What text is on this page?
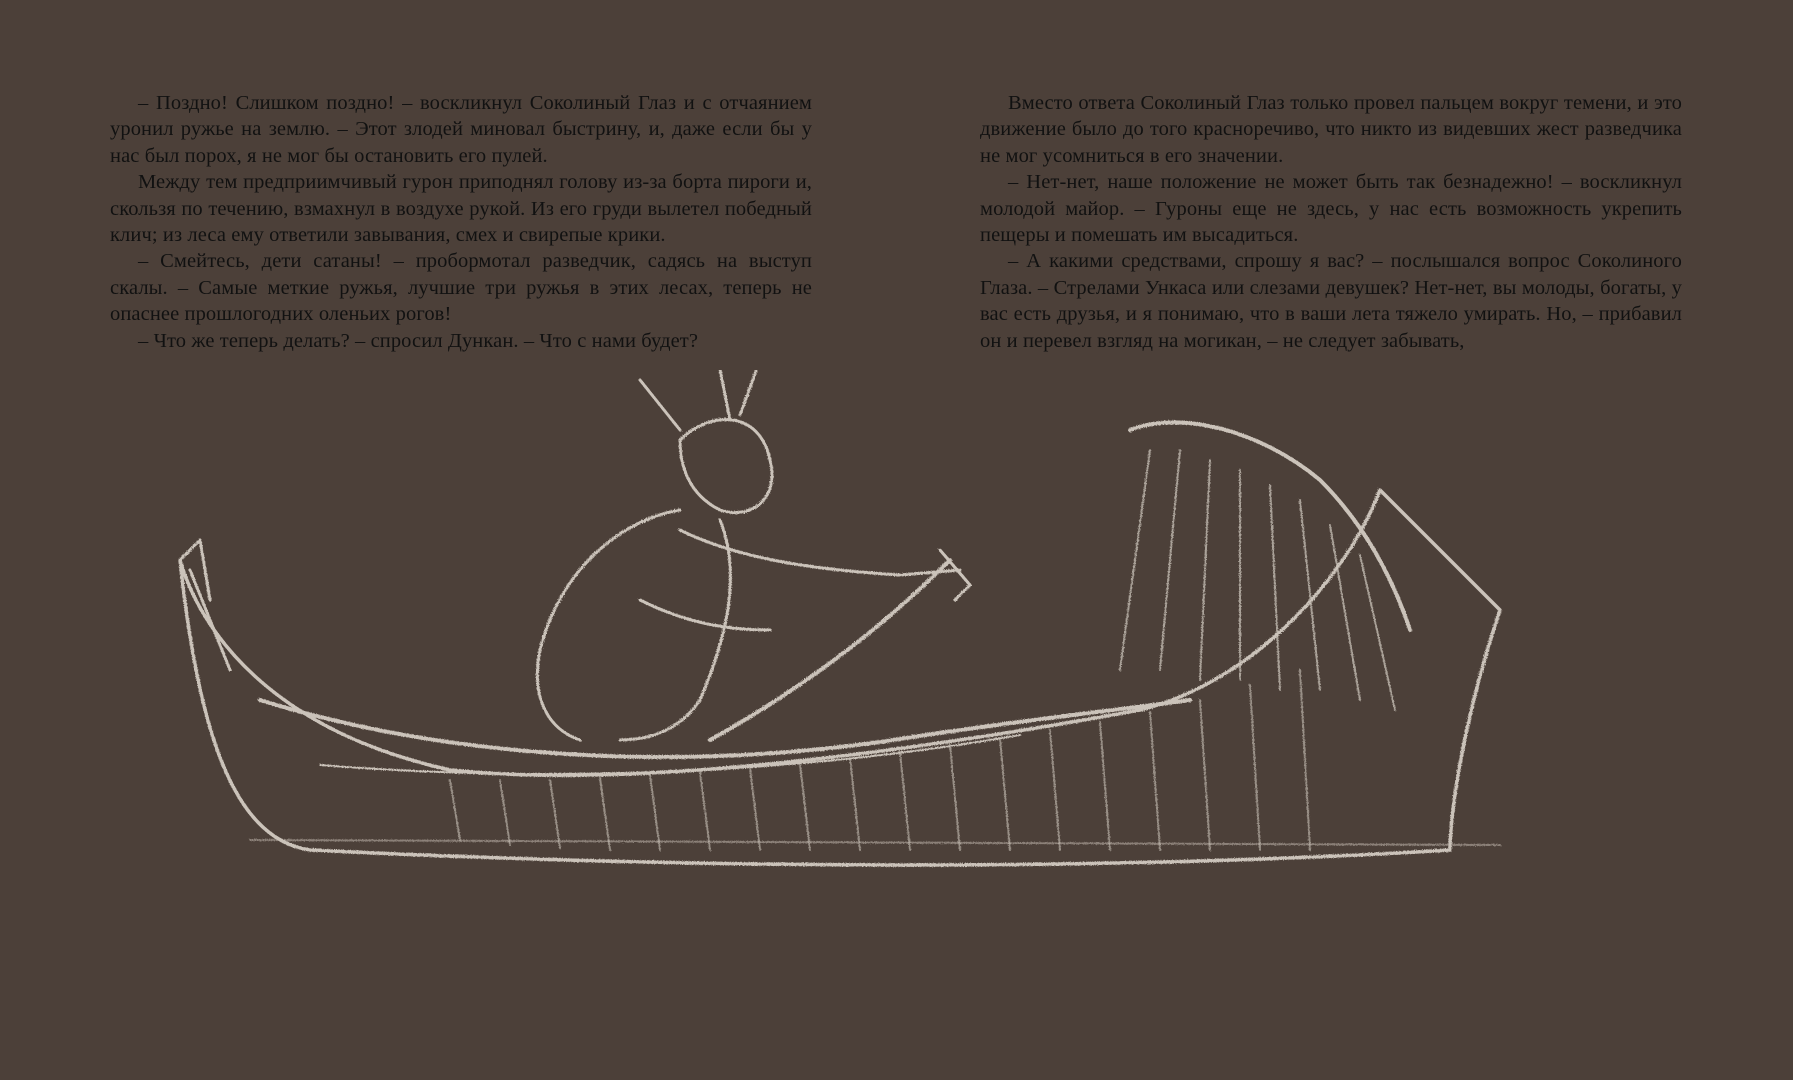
– Поздно! Слишком поздно! – воскликнул Соколиный Глаз и с отчаянием уронил ружье на землю. – Этот злодей миновал быстрину, и, даже если бы у нас был порох, я не мог бы остановить его пулей.

Между тем предприимчивый гурон приподнял голову из-за борта пироги и, скользя по течению, взмахнул в воздухе рукой. Из его груди вылетел победный клич; из леса ему ответили завывания, смех и свирепые крики.

– Смейтесь, дети сатаны! – пробормотал разведчик, садясь на выступ скалы. – Самые меткие ружья, лучшие три ружья в этих лесах, теперь не опаснее прошлогодних оленьих рогов!

– Что же теперь делать? – спросил Дункан. – Что с нами будет?

Вместо ответа Соколиный Глаз только провел пальцем вокруг темени, и это движение было до того красноречиво, что никто из видевших жест разведчика не мог усомниться в его значении.

– Нет-нет, наше положение не может быть так безнадежно! – воскликнул молодой майор. – Гуроны еще не здесь, у нас есть возможность укрепить пещеры и помешать им высадиться.

– А какими средствами, спрошу я вас? – послышался вопрос Соколиного Глаза. – Стрелами Ункаса или слезами девушек? Нет-нет, вы молоды, богаты, у вас есть друзья, и я понимаю, что в ваши лета тяжело умирать. Но, – прибавил он и перевел взгляд на могикан, – не следует забывать,
